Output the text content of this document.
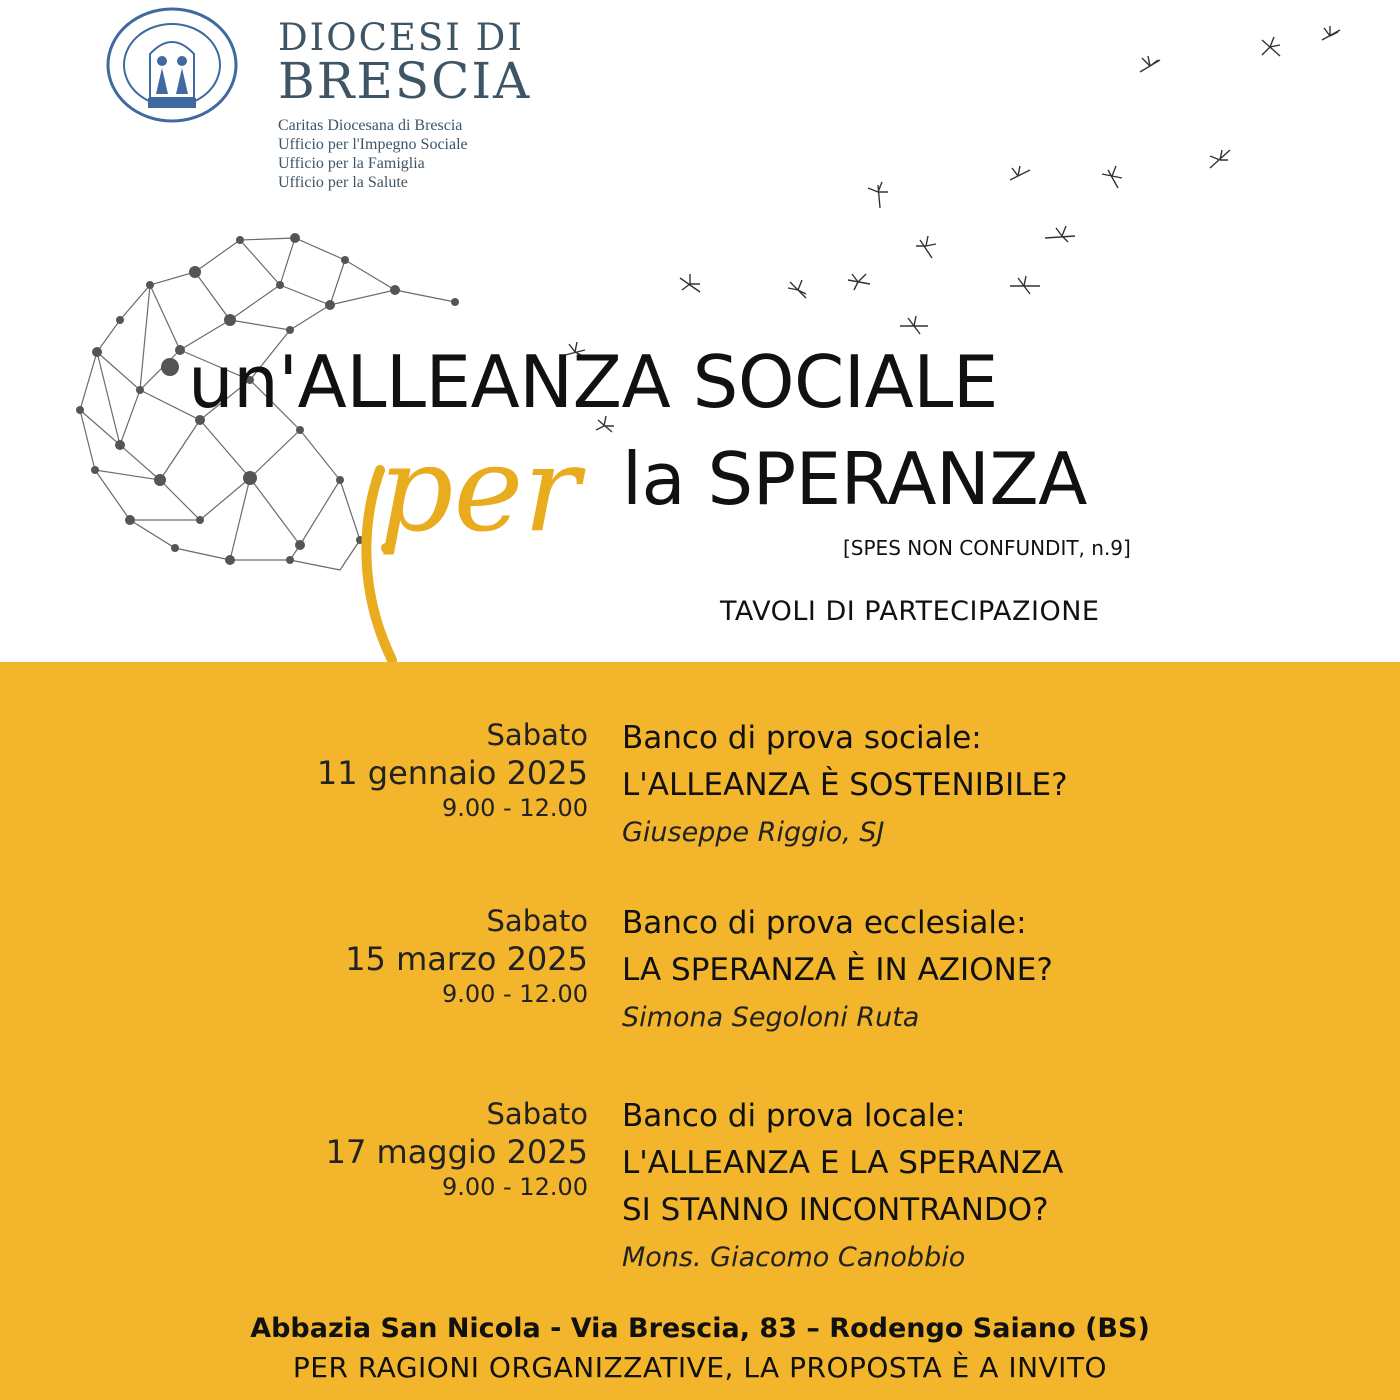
DIOCESI DI
BRESCIA
Caritas Diocesana di Brescia
Ufficio per l'Impegno Sociale
Ufficio per la Famiglia
Ufficio per la Salute
un'ALLEANZA SOCIALE
per la SPERANZA
[SPES NON CONFUNDIT, n.9]
TAVOLI DI PARTECIPAZIONE
Sabato
11 gennaio 2025
9.00 - 12.00
Banco di prova sociale:
L'ALLEANZA È SOSTENIBILE?
Giuseppe Riggio, SJ
Sabato
15 marzo 2025
9.00 - 12.00
Banco di prova ecclesiale:
LA SPERANZA È IN AZIONE?
Simona Segoloni Ruta
Sabato
17 maggio 2025
9.00 - 12.00
Banco di prova locale:
L'ALLEANZA E LA SPERANZA
SI STANNO INCONTRANDO?
Mons. Giacomo Canobbio
Abbazia San Nicola - Via Brescia, 83 – Rodengo Saiano (BS)
PER RAGIONI ORGANIZZATIVE, LA PROPOSTA È A INVITO
